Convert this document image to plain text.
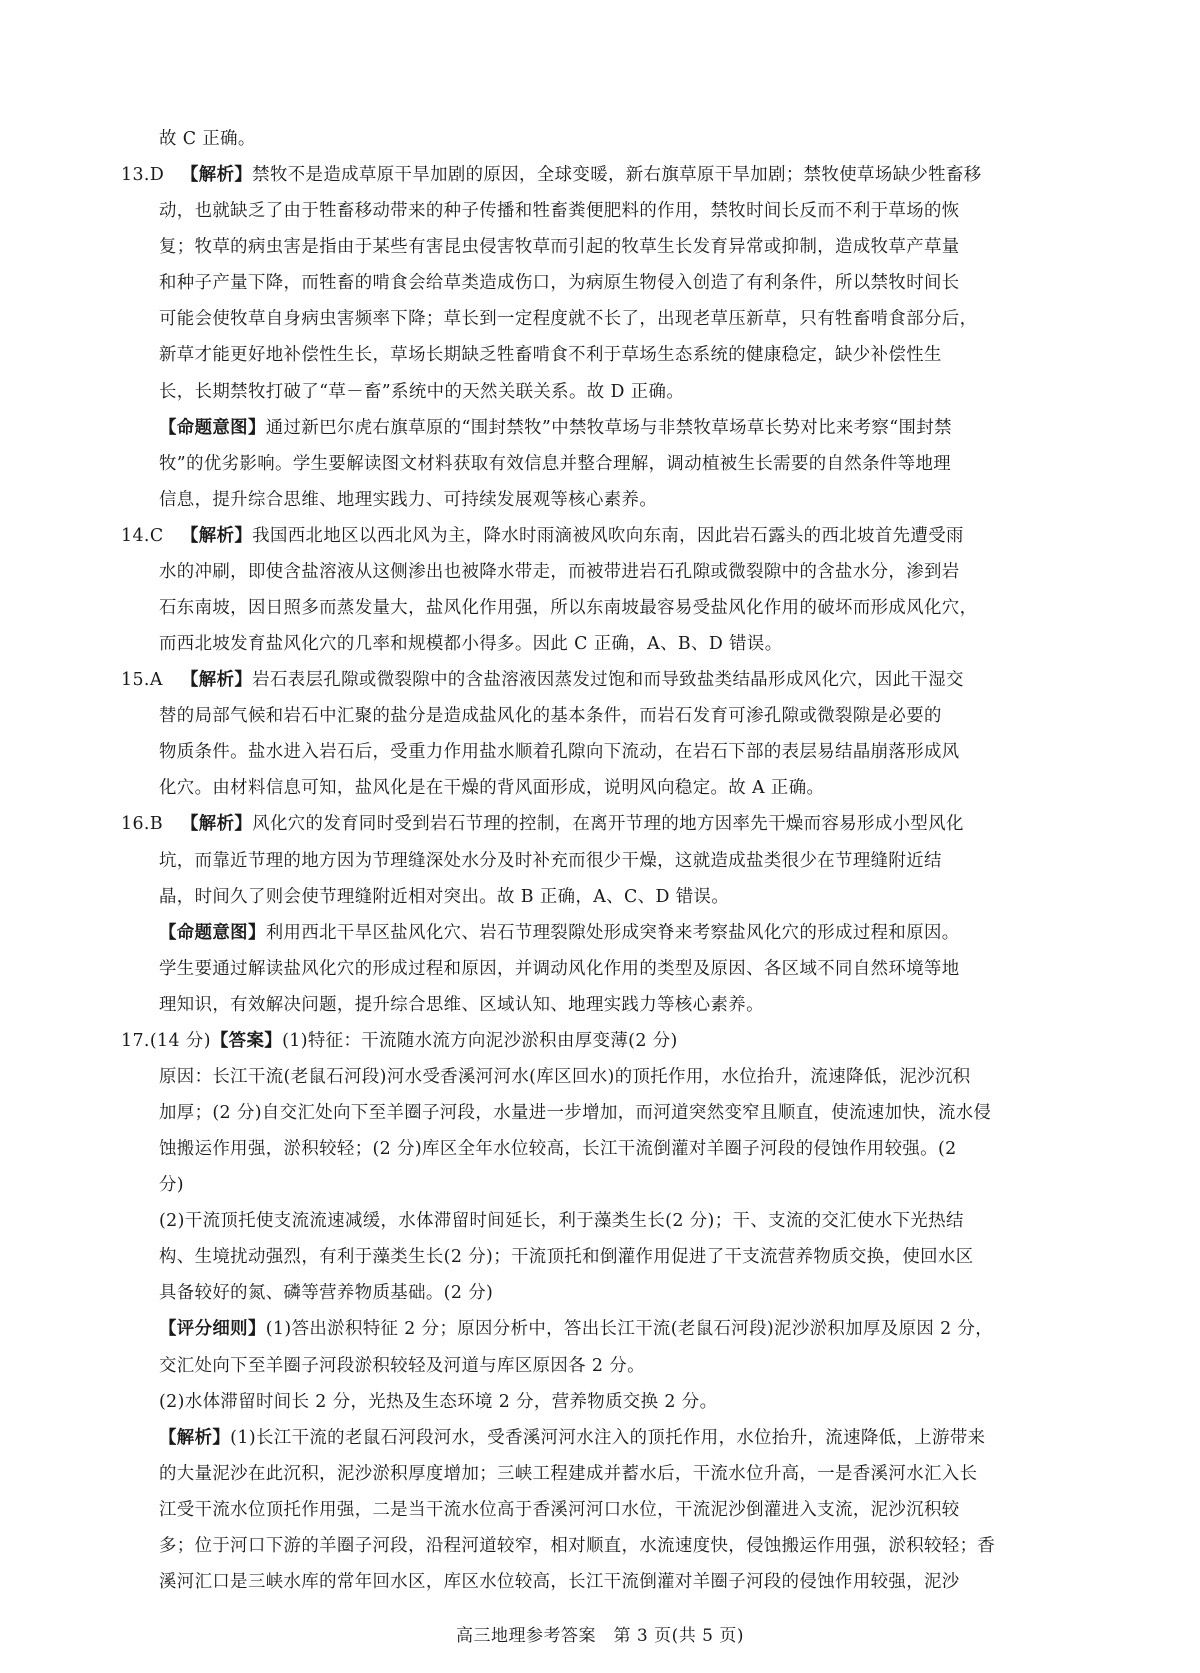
故 C 正确。

13.D 【解析】禁牧不是造成草原干旱加剧的原因，全球变暖，新右旗草原干旱加剧；禁牧使草场缺少牲畜移

动，也就缺乏了由于牲畜移动带来的种子传播和牲畜粪便肥料的作用，禁牧时间长反而不利于草场的恢

复；牧草的病虫害是指由于某些有害昆虫侵害牧草而引起的牧草生长发育异常或抑制，造成牧草产草量

和种子产量下降，而牲畜的啃食会给草类造成伤口，为病原生物侵入创造了有利条件，所以禁牧时间长

可能会使牧草自身病虫害频率下降；草长到一定程度就不长了，出现老草压新草，只有牲畜啃食部分后，

新草才能更好地补偿性生长，草场长期缺乏牲畜啃食不利于草场生态系统的健康稳定，缺少补偿性生

长，长期禁牧打破了“草－畜”系统中的天然关联关系。故 D 正确。

【命题意图】通过新巴尔虎右旗草原的“围封禁牧”中禁牧草场与非禁牧草场草长势对比来考察“围封禁

牧”的优劣影响。学生要解读图文材料获取有效信息并整合理解，调动植被生长需要的自然条件等地理

信息，提升综合思维、地理实践力、可持续发展观等核心素养。

14.C 【解析】我国西北地区以西北风为主，降水时雨滴被风吹向东南，因此岩石露头的西北坡首先遭受雨

水的冲刷，即使含盐溶液从这侧渗出也被降水带走，而被带进岩石孔隙或微裂隙中的含盐水分，渗到岩

石东南坡，因日照多而蒸发量大，盐风化作用强，所以东南坡最容易受盐风化作用的破坏而形成风化穴，

而西北坡发育盐风化穴的几率和规模都小得多。因此 C 正确，A、B、D 错误。

15.A 【解析】岩石表层孔隙或微裂隙中的含盐溶液因蒸发过饱和而导致盐类结晶形成风化穴，因此干湿交

替的局部气候和岩石中汇聚的盐分是造成盐风化的基本条件，而岩石发育可渗孔隙或微裂隙是必要的

物质条件。盐水进入岩石后，受重力作用盐水顺着孔隙向下流动，在岩石下部的表层易结晶崩落形成风

化穴。由材料信息可知，盐风化是在干燥的背风面形成，说明风向稳定。故 A 正确。

16.B 【解析】风化穴的发育同时受到岩石节理的控制，在离开节理的地方因率先干燥而容易形成小型风化

坑，而靠近节理的地方因为节理缝深处水分及时补充而很少干燥，这就造成盐类很少在节理缝附近结

晶，时间久了则会使节理缝附近相对突出。故 B 正确，A、C、D 错误。

【命题意图】利用西北干旱区盐风化穴、岩石节理裂隙处形成突脊来考察盐风化穴的形成过程和原因。

学生要通过解读盐风化穴的形成过程和原因，并调动风化作用的类型及原因、各区域不同自然环境等地

理知识，有效解决问题，提升综合思维、区域认知、地理实践力等核心素养。

17.(14 分)【答案】(1)特征：干流随水流方向泥沙淤积由厚变薄(2 分)

原因：长江干流(老鼠石河段)河水受香溪河河水(库区回水)的顶托作用，水位抬升，流速降低，泥沙沉积

加厚；(2 分)自交汇处向下至羊圈子河段，水量进一步增加，而河道突然变窄且顺直，使流速加快，流水侵

蚀搬运作用强，淤积较轻；(2 分)库区全年水位较高，长江干流倒灌对羊圈子河段的侵蚀作用较强。(2

分)

(2)干流顶托使支流流速减缓，水体滞留时间延长，利于藻类生长(2 分)；干、支流的交汇使水下光热结

构、生境扰动强烈，有利于藻类生长(2 分)；干流顶托和倒灌作用促进了干支流营养物质交换，使回水区

具备较好的氮、磷等营养物质基础。(2 分)

【评分细则】(1)答出淤积特征 2 分；原因分析中，答出长江干流(老鼠石河段)泥沙淤积加厚及原因 2 分，

交汇处向下至羊圈子河段淤积较轻及河道与库区原因各 2 分。

(2)水体滞留时间长 2 分，光热及生态环境 2 分，营养物质交换 2 分。

【解析】(1)长江干流的老鼠石河段河水，受香溪河河水注入的顶托作用，水位抬升，流速降低，上游带来

的大量泥沙在此沉积，泥沙淤积厚度增加；三峡工程建成并蓄水后，干流水位升高，一是香溪河水汇入长

江受干流水位顶托作用强，二是当干流水位高于香溪河河口水位，干流泥沙倒灌进入支流，泥沙沉积较

多；位于河口下游的羊圈子河段，沿程河道较窄，相对顺直，水流速度快，侵蚀搬运作用强，淤积较轻；香

溪河汇口是三峡水库的常年回水区，库区水位较高，长江干流倒灌对羊圈子河段的侵蚀作用较强，泥沙

高三地理参考答案　第 3 页(共 5 页)
